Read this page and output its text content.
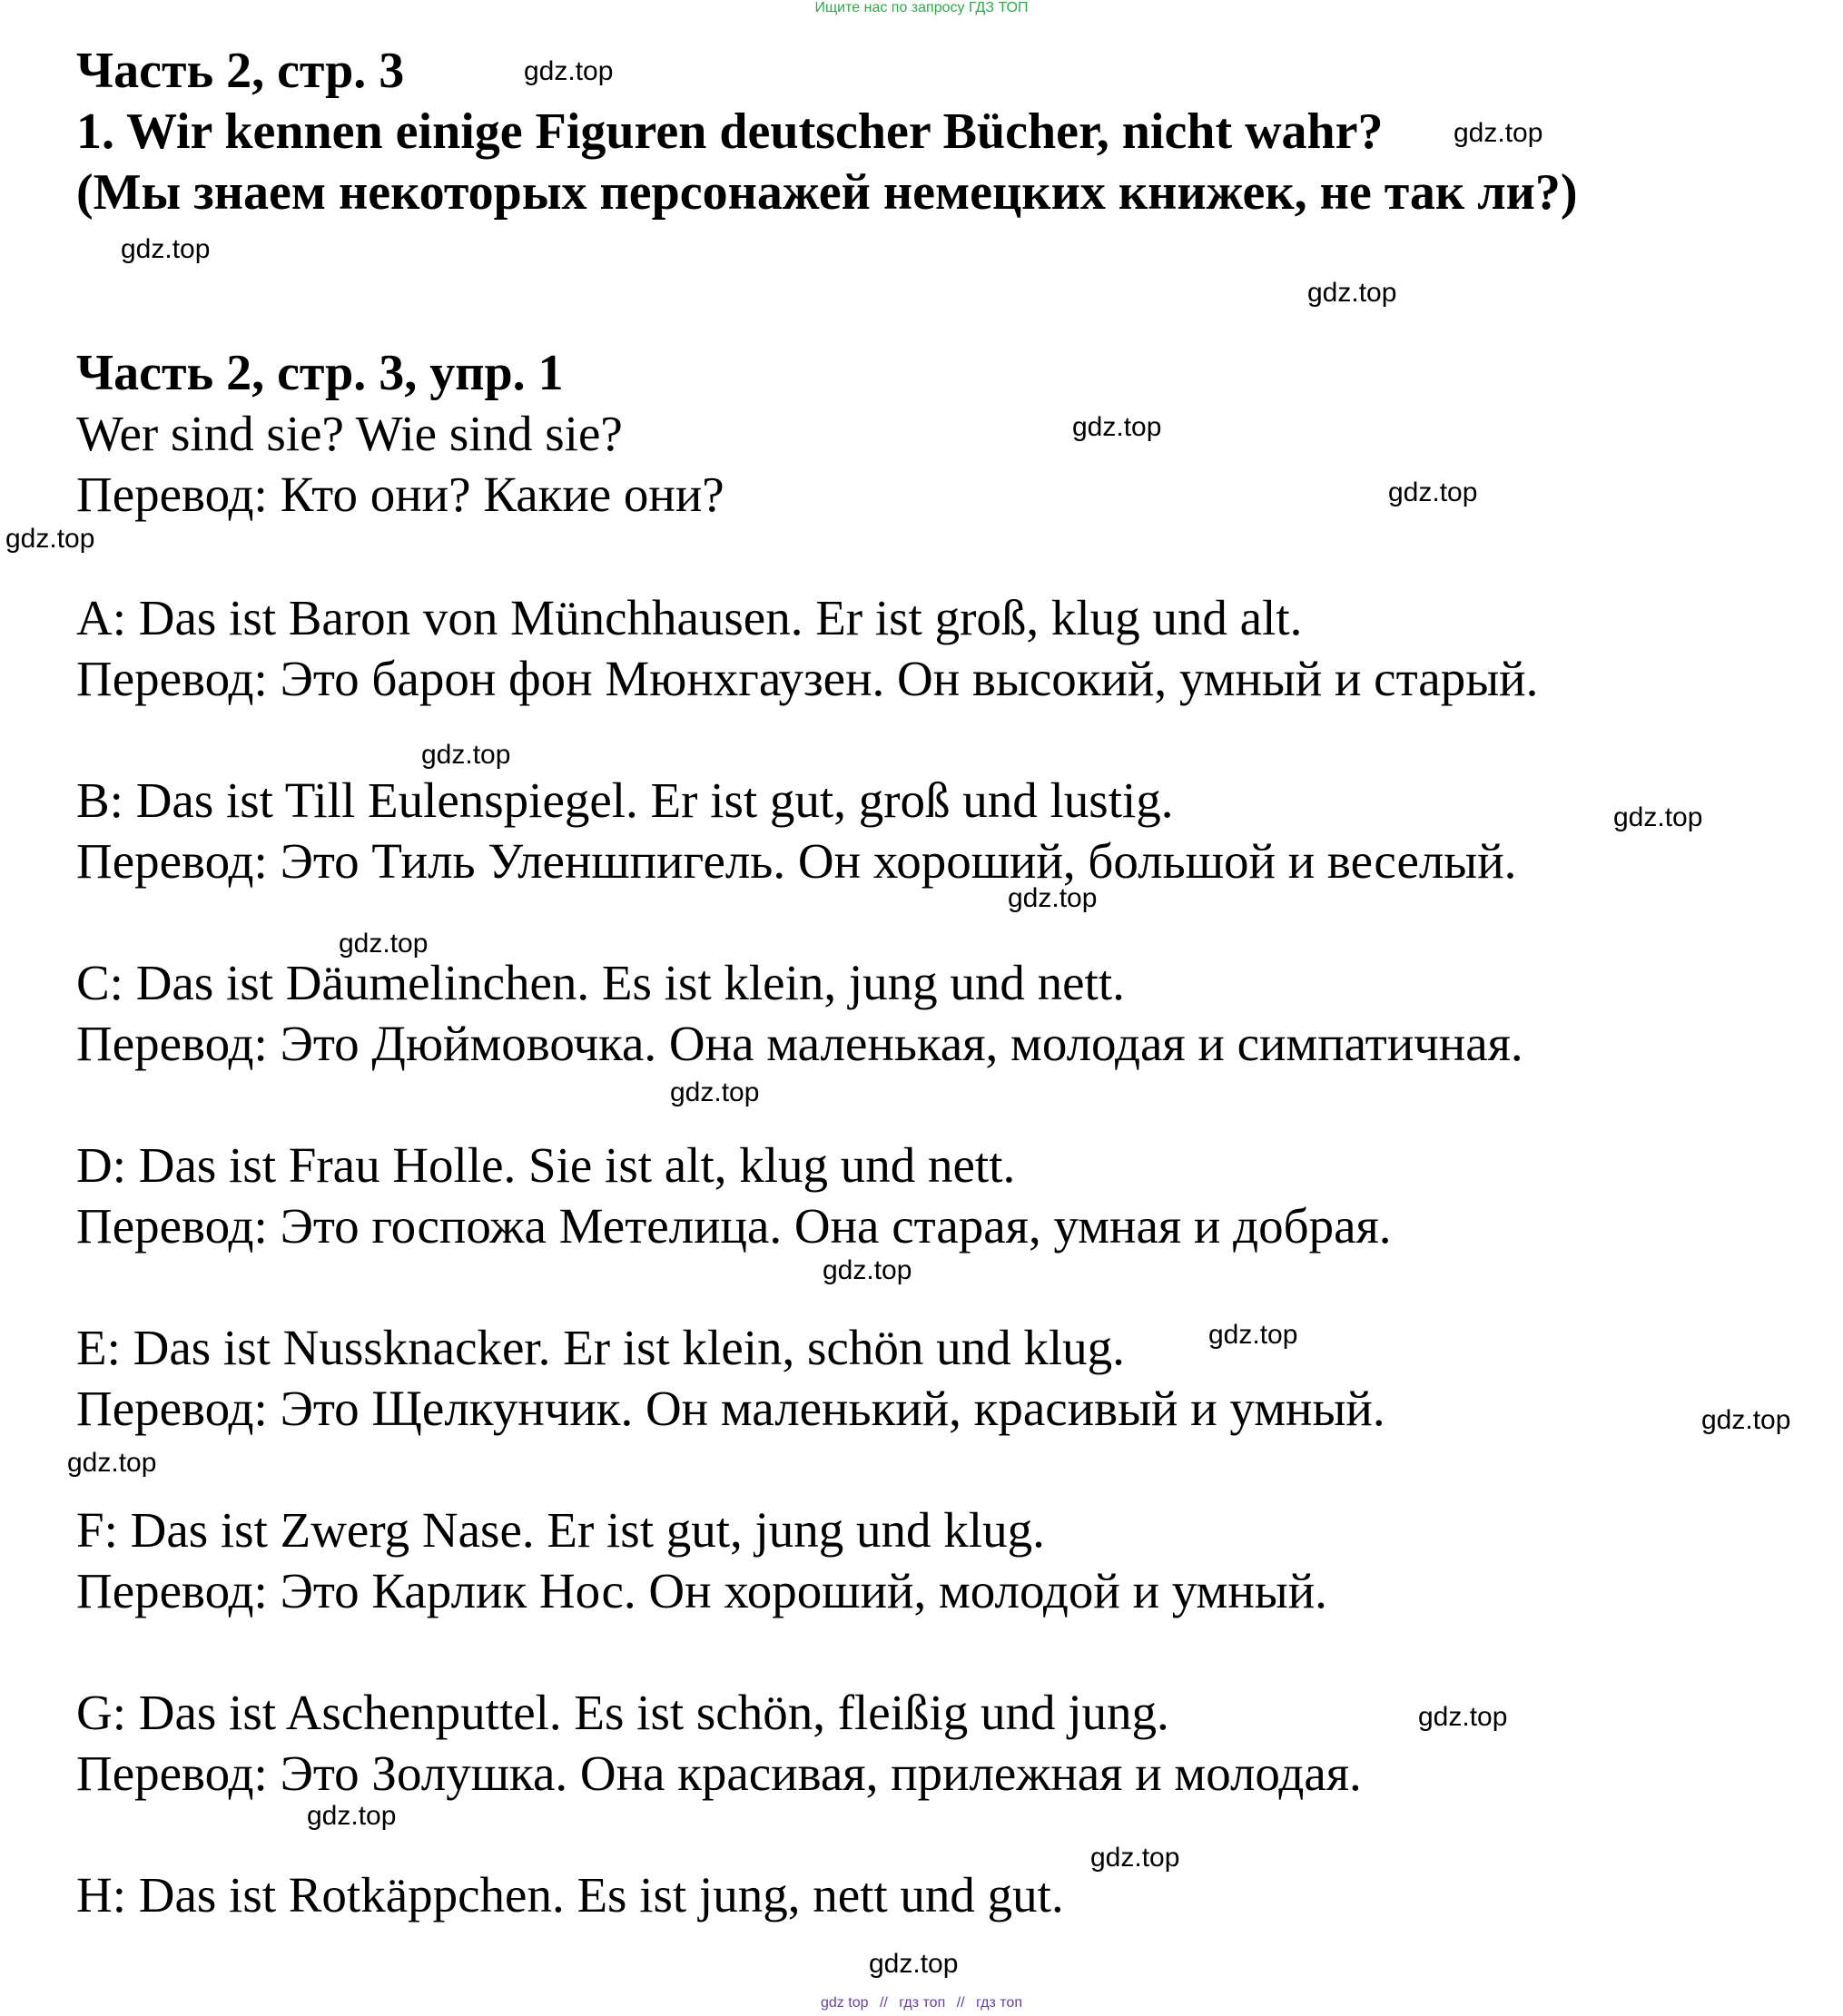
Ищите нас по запросу ГДЗ ТОП
Часть 2, стр. 3
1. Wir kennen einige Figuren deutscher Bücher, nicht wahr?
(Мы знаем некоторых персонажей немецких книжек, не так ли?)
Часть 2, стр. 3, упр. 1
Wer sind sie? Wie sind sie?
Перевод: Кто они? Какие они?
A: Das ist Baron von Münchhausen. Er ist groß, klug und alt.
Перевод: Это барон фон Мюнхгаузен. Он высокий, умный и старый.
B: Das ist Till Eulenspiegel. Er ist gut, groß und lustig.
Перевод: Это Тиль Уленшпигель. Он хороший, большой и веселый.
C: Das ist Däumelinchen. Es ist klein, jung und nett.
Перевод: Это Дюймовочка. Она маленькая, молодая и симпатичная.
D: Das ist Frau Holle. Sie ist alt, klug und nett.
Перевод: Это госпожа Метелица. Она старая, умная и добрая.
E: Das ist Nussknacker. Er ist klein, schön und klug.
Перевод: Это Щелкунчик. Он маленький, красивый и умный.
F: Das ist Zwerg Nase. Er ist gut, jung und klug.
Перевод: Это Карлик Нос. Он хороший, молодой и умный.
G: Das ist Aschenputtel. Es ist schön, fleißig und jung.
Перевод: Это Золушка. Она красивая, прилежная и молодая.
H: Das ist Rotkäppchen. Es ist jung, nett und gut.
gdz.top
gdz.top
gdz.top
gdz.top
gdz.top
gdz.top
gdz.top
gdz.top
gdz.top
gdz.top
gdz.top
gdz.top
gdz.top
gdz.top
gdz.top
gdz.top
gdz.top
gdz.top
gdz.top
gdz.top
gdz top // гдз топ // гдз топ
